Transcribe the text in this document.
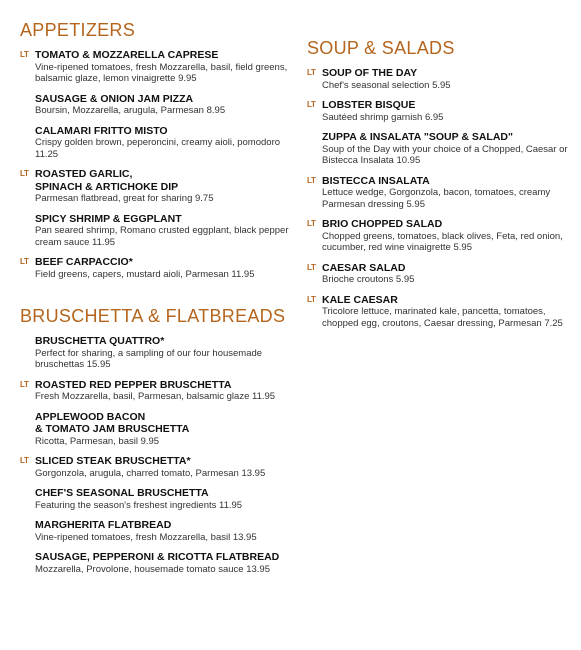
APPETIZERS
LT TOMATO & MOZZARELLA CAPRESE
Vine-ripened tomatoes, fresh Mozzarella, basil, field greens, balsamic glaze, lemon vinaigrette 9.95
SAUSAGE & ONION JAM PIZZA
Boursin, Mozzarella, arugula, Parmesan 8.95
CALAMARI FRITTO MISTO
Crispy golden brown, peperoncini, creamy aioli, pomodoro 11.25
LT ROASTED GARLIC,
SPINACH & ARTICHOKE DIP
Parmesan flatbread, great for sharing 9.75
SPICY SHRIMP & EGGPLANT
Pan seared shrimp, Romano crusted eggplant, black pepper cream sauce 11.95
LT BEEF CARPACCIO*
Field greens, capers, mustard aioli, Parmesan 11.95
BRUSCHETTA & FLATBREADS
BRUSCHETTA QUATTRO*
Perfect for sharing, a sampling of our four housemade bruschettas 15.95
LT ROASTED RED PEPPER BRUSCHETTA
Fresh Mozzarella, basil, Parmesan, balsamic glaze 11.95
APPLEWOOD BACON
& TOMATO JAM BRUSCHETTA
Ricotta, Parmesan, basil 9.95
LT SLICED STEAK BRUSCHETTA*
Gorgonzola, arugula, charred tomato, Parmesan 13.95
CHEF'S SEASONAL BRUSCHETTA
Featuring the season's freshest ingredients 11.95
MARGHERITA FLATBREAD
Vine-ripened tomatoes, fresh Mozzarella, basil 13.95
SAUSAGE, PEPPERONI & RICOTTA FLATBREAD
Mozzarella, Provolone, housemade tomato sauce 13.95
SOUP & SALADS
LT SOUP OF THE DAY
Chef's seasonal selection 5.95
LT LOBSTER BISQUE
Sautéed shrimp garnish 6.95
ZUPPA & INSALATA "SOUP & SALAD"
Soup of the Day with your choice of a Chopped, Caesar or Bistecca Insalata 10.95
LT BISTECCA INSALATA
Lettuce wedge, Gorgonzola, bacon, tomatoes, creamy Parmesan dressing 5.95
LT BRIO CHOPPED SALAD
Chopped greens, tomatoes, black olives, Feta, red onion, cucumber, red wine vinaigrette 5.95
LT CAESAR SALAD
Brioche croutons 5.95
LT KALE CAESAR
Tricolore lettuce, marinated kale, pancetta, tomatoes, chopped egg, croutons, Caesar dressing, Parmesan 7.25
